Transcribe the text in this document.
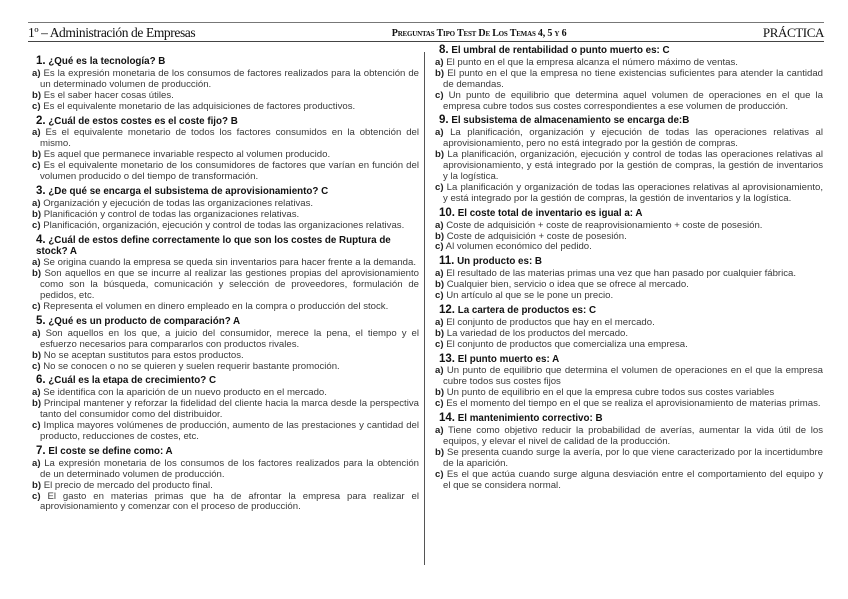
1º – Administración de Empresas	Preguntas Tipo Test De Los Temas 4, 5 y 6	PRÁCTICA
1. ¿Qué es la tecnología? B
a) Es la expresión monetaria de los consumos de factores realizados para la obtención de un determinado volumen de producción.
b) Es el saber hacer cosas útiles.
c) Es el equivalente monetario de las adquisiciones de factores productivos.
2. ¿Cuál de estos costes es el coste fijo? B
a) Es el equivalente monetario de todos los factores consumidos en la obtención del mismo.
b) Es aquel que permanece invariable respecto al volumen producido.
c) Es el equivalente monetario de los consumidores de factores que varían en función del volumen producido o del tiempo de transformación.
3. ¿De qué se encarga el subsistema de aprovisionamiento? C
a) Organización y ejecución de todas las organizaciones relativas.
b) Planificación y control de todas las organizaciones relativas.
c) Planificación, organización, ejecución y control de todas las organizaciones relativas.
4. ¿Cuál de estos define correctamente lo que son los costes de Ruptura de stock? A
a) Se origina cuando la empresa se queda sin inventarios para hacer frente a la demanda.
b) Son aquellos en que se incurre al realizar las gestiones propias del aprovisionamiento como son la búsqueda, comunicación y selección de proveedores, formulación de pedidos, etc.
c) Representa el volumen en dinero empleado en la compra o producción del stock.
5. ¿Qué es un producto de comparación? A
a) Son aquellos en los que, a juicio del consumidor, merece la pena, el tiempo y el esfuerzo necesarios para compararlos con productos rivales.
b) No se aceptan sustitutos para estos productos.
c) No se conocen o no se quieren y suelen requerir bastante promoción.
6. ¿Cuál es la etapa de crecimiento? C
a) Se identifica con la aparición de un nuevo producto en el mercado.
b) Principal mantener y reforzar la fidelidad del cliente hacia la marca desde la perspectiva tanto del consumidor como del distribuidor.
c) Implica mayores volúmenes de producción, aumento de las prestaciones y cantidad del producto, reducciones de costes, etc.
7. El coste se define como: A
a) La expresión monetaria de los consumos de los factores realizados para la obtención de un determinado volumen de producción.
b) El precio de mercado del producto final.
c) El gasto en materias primas que ha de afrontar la empresa para realizar el aprovisionamiento y comenzar con el proceso de producción.
8. El umbral de rentabilidad o punto muerto es: C
a) El punto en el que la empresa alcanza el número máximo de ventas.
b) El punto en el que la empresa no tiene existencias suficientes para atender la cantidad de demandas.
c) Un punto de equilibrio que determina aquel volumen de operaciones en el que la empresa cubre todos sus costes correspondientes a ese volumen de producción.
9. El subsistema de almacenamiento se encarga de:B
a) La planificación, organización y ejecución de todas las operaciones relativas al aprovisionamiento, pero no está integrado por la gestión de compras.
b) La planificación, organización, ejecución y control de todas las operaciones relativas al aprovisionamiento, y está integrado por la gestión de compras, la gestión de inventarios y la logística.
c) La planificación y organización de todas las operaciones relativas al aprovisionamiento, y está integrado por la gestión de compras, la gestión de inventarios y la logística.
10. El coste total de inventario es igual a: A
a) Coste de adquisición + coste de reaprovisionamiento + coste de posesión.
b) Coste de adquisición + coste de posesión.
c) Al volumen económico del pedido.
11. Un producto es: B
a) El resultado de las materias primas una vez que han pasado por cualquier fábrica.
b) Cualquier bien, servicio o idea que se ofrece al mercado.
c) Un artículo al que se le pone un precio.
12. La cartera de productos es: C
a) El conjunto de productos que hay en el mercado.
b) La variedad de los productos del mercado.
c) El conjunto de productos que comercializa una empresa.
13. El punto muerto es: A
a) Un punto de equilibrio que determina el volumen de operaciones en el que la empresa cubre todos sus costes fijos
b) Un punto de equilibrio en el que la empresa cubre todos sus costes variables
c) Es el momento del tiempo en el que se realiza el aprovisionamiento de materias primas.
14. El mantenimiento correctivo: B
a) Tiene como objetivo reducir la probabilidad de averías, aumentar la vida útil de los equipos, y elevar el nivel de calidad de la producción.
b) Se presenta cuando surge la avería, por lo que viene caracterizado por la incertidumbre de la aparición.
c) Es el que actúa cuando surge alguna desviación entre el comportamiento del equipo y el que se considera normal.
